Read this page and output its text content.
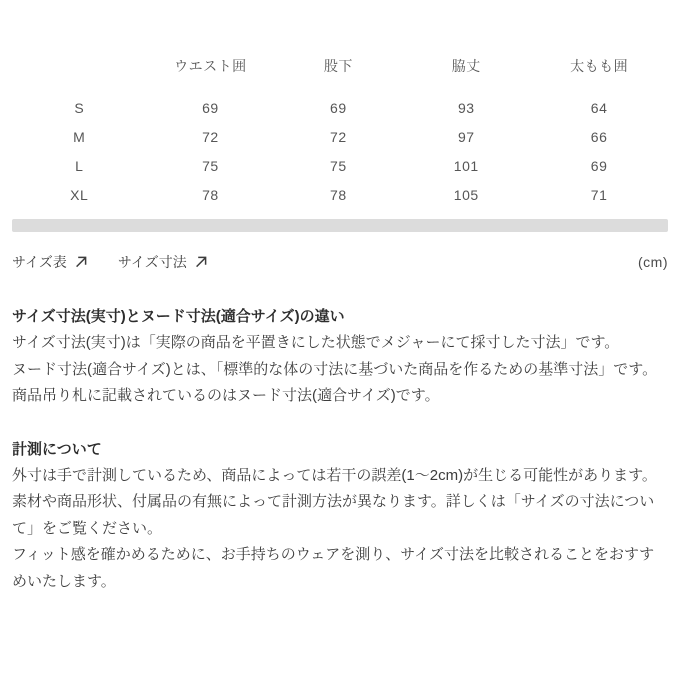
	ウエスト囲	股下	脇丈	太もも囲
S	69	69	93	64
M	72	72	97	66
L	75	75	101	69
XL	78	78	105	71
サイズ表	サイズ寸法	(cm)
サイズ寸法(実寸)とヌード寸法(適合サイズ)の違い

サイズ寸法(実寸)は「実際の商品を平置きにした状態でメジャーにて採寸した寸法」です。

ヌード寸法(適合サイズ)とは、「標準的な体の寸法に基づいた商品を作るための基準寸法」です。

商品吊り札に記載されているのはヌード寸法(適合サイズ)です。

計測について

外寸は手で計測しているため、商品によっては若干の誤差(1〜2cm)が生じる可能性があります。

素材や商品形状、付属品の有無によって計測方法が異なります。詳しくは「サイズの寸法について」をご覧ください。

フィット感を確かめるために、お手持ちのウェアを測り、サイズ寸法を比較されることをおすすめいたします。
